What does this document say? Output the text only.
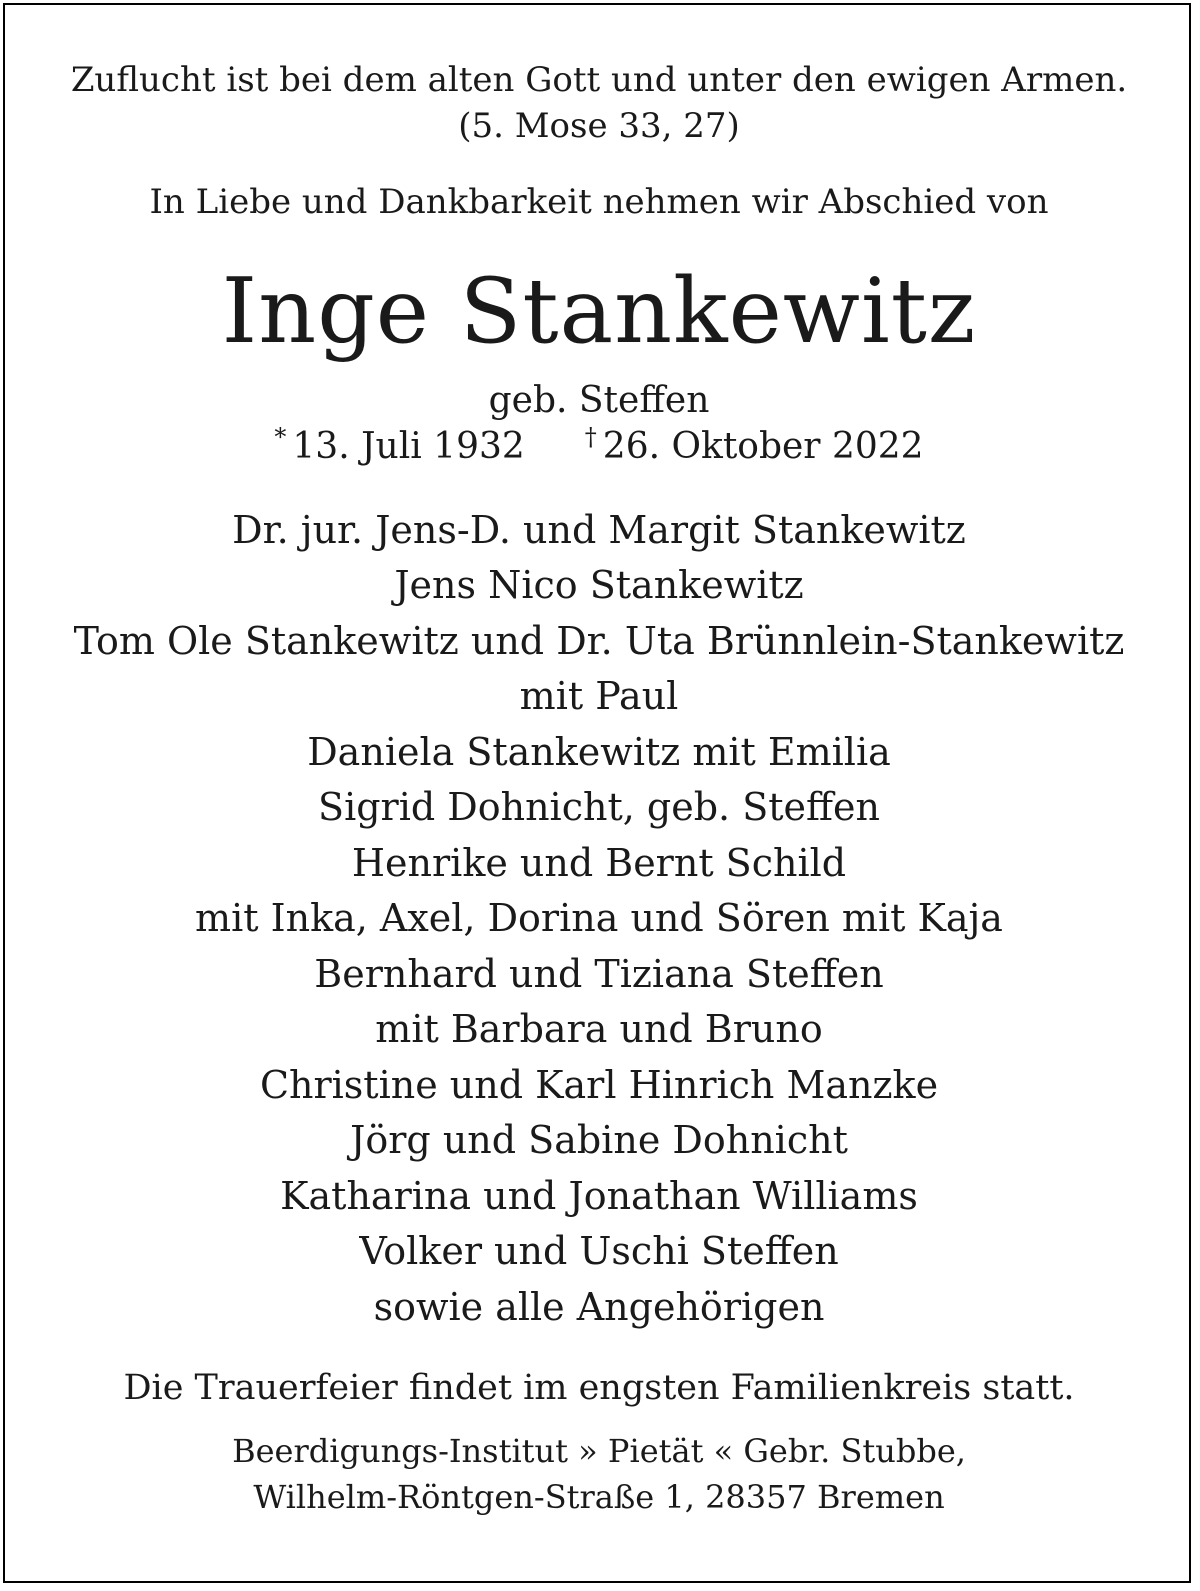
Zuflucht ist bei dem alten Gott und unter den ewigen Armen.
(5. Mose 33, 27)
In Liebe und Dankbarkeit nehmen wir Abschied von
Inge Stankewitz
geb. Steffen
* 13. Juli 1932	† 26. Oktober 2022
Dr. jur. Jens-D. und Margit Stankewitz
Jens Nico Stankewitz
Tom Ole Stankewitz und Dr. Uta Brünnlein-Stankewitz
mit Paul
Daniela Stankewitz mit Emilia
Sigrid Dohnicht, geb. Steffen
Henrike und Bernt Schild
mit Inka, Axel, Dorina und Sören mit Kaja
Bernhard und Tiziana Steffen
mit Barbara und Bruno
Christine und Karl Hinrich Manzke
Jörg und Sabine Dohnicht
Katharina und Jonathan Williams
Volker und Uschi Steffen
sowie alle Angehörigen
Die Trauerfeier findet im engsten Familienkreis statt.
Beerdigungs-Institut » Pietät « Gebr. Stubbe,
Wilhelm-Röntgen-Straße 1, 28357 Bremen
